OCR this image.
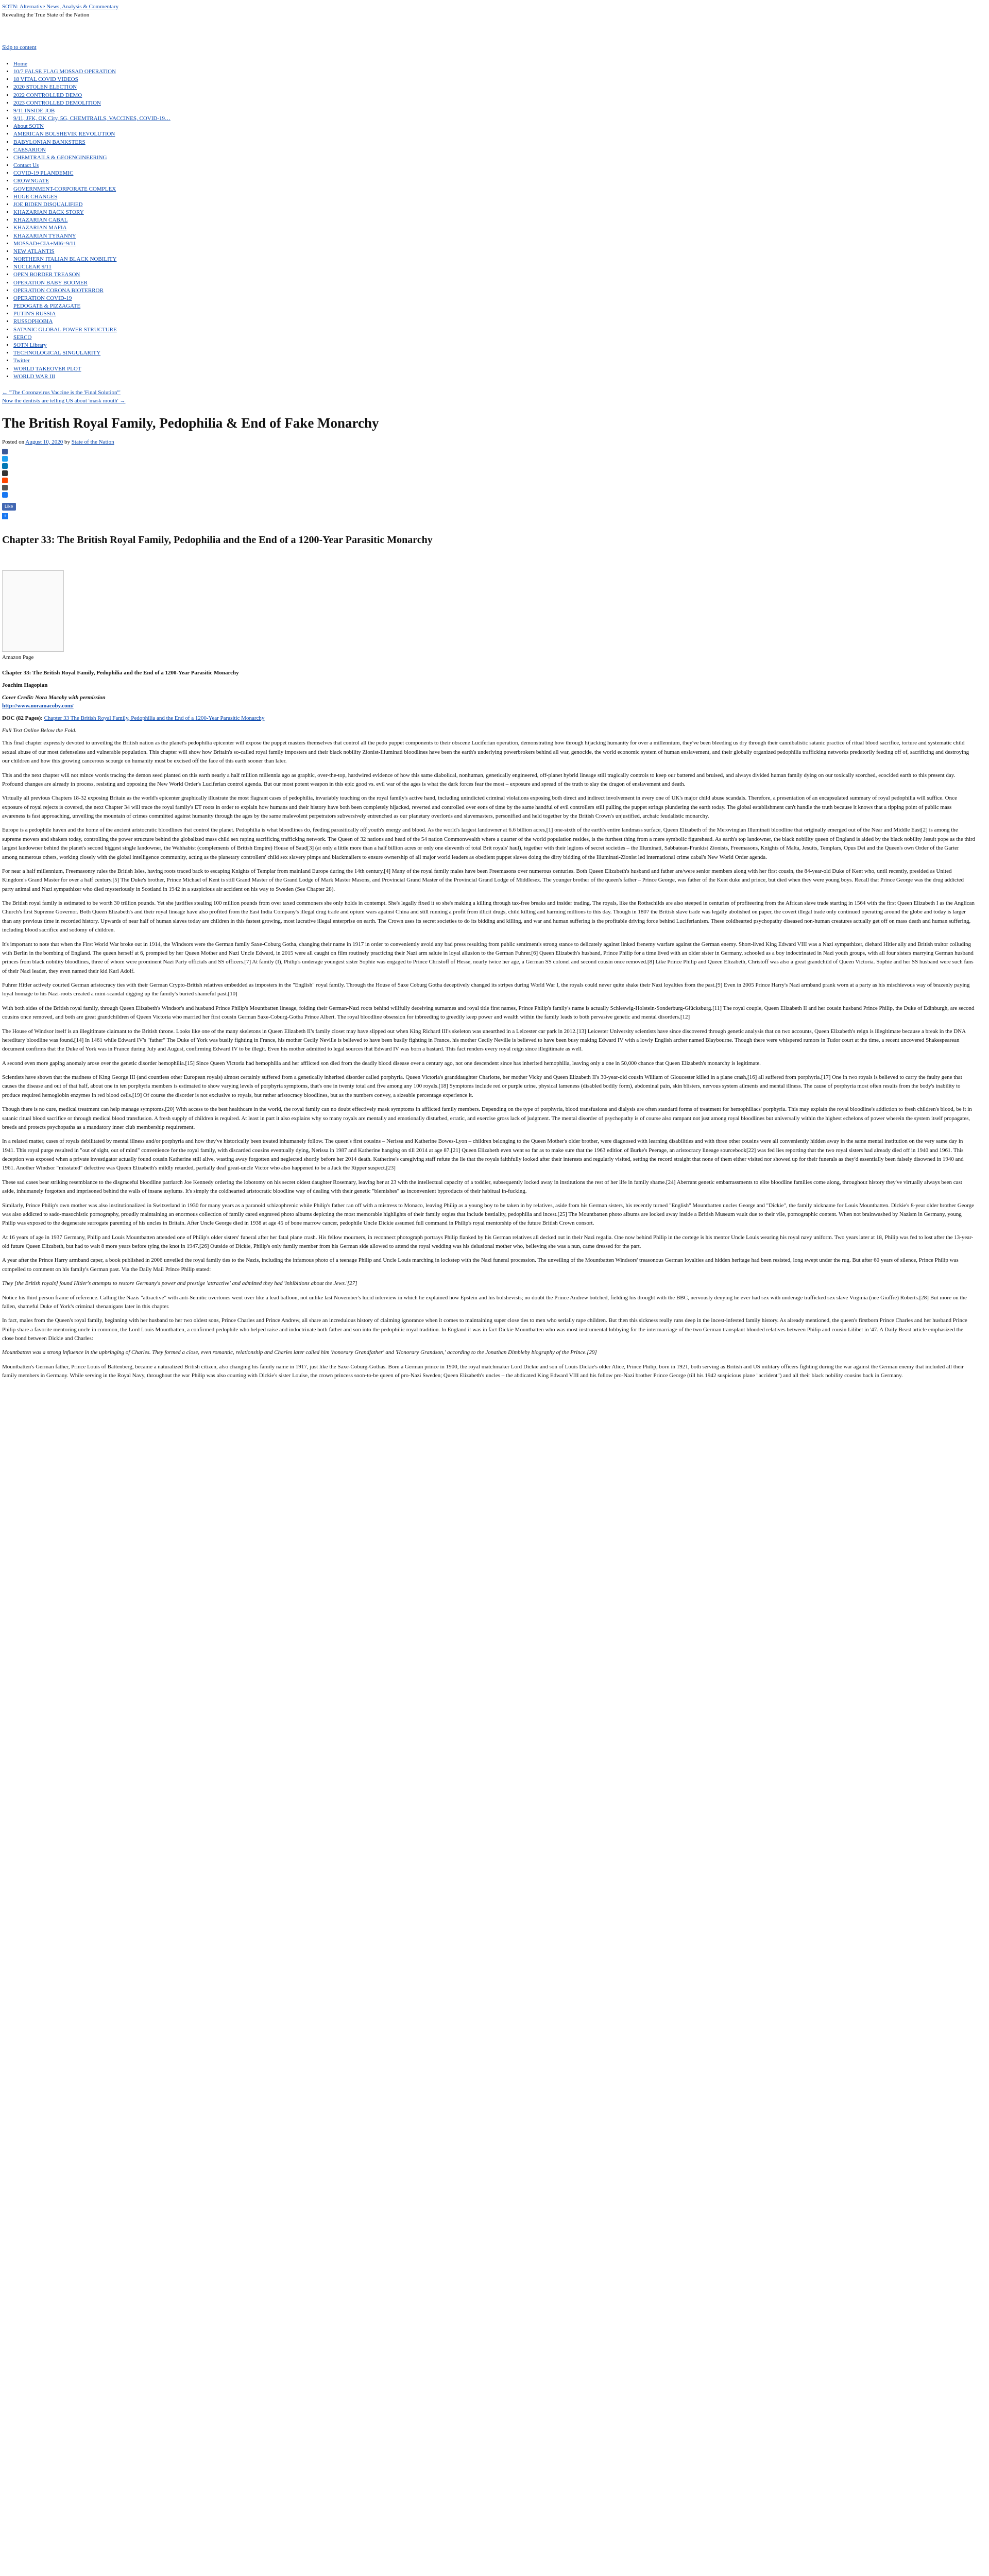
SOTN: Alternative News, Analysis & Commentary
Revealing the True State of the Nation
Skip to content
• Home
• 10/7 FALSE FLAG MOSSAD OPERATION
• 18 VITAL COVID VIDEOS
• 2020 STOLEN ELECTION
• 2022 CONTROLLED DEMO
• 2023 CONTROLLED DEMOLITION
• 9/11 INSIDE JOB
• 9/11, JFK, OK City, 5G, CHEMTRAILS, VACCINES, COVID-19…
• About SOTN
• AMERICAN BOLSHEVIK REVOLUTION
• BABYLONIAN BANKSTERS
• CAESARION
• CHEMTRAILS & GEOENGINEERING
• Contact Us
• COVID-19 PLANDEMIC
• CROWNGATE
• GOVERNMENT-CORPORATE COMPLEX
• HUGE CHANGES
• JOE BIDEN DISQUALIFIED
• KHAZARIAN BACK STORY
• KHAZARIAN CABAL
• KHAZARIAN MAFIA
• KHAZARIAN TYRANNY
• MOSSAD+CIA+MI6=9/11
• NEW ATLANTIS
• NORTHERN ITALIAN BLACK NOBILITY
• NUCLEAR 9/11
• OPEN BORDER TREASON
• OPERATION BABY BOOMER
• OPERATION CORONA BIOTERROR
• OPERATION COVID-19
• PEDOGATE & PIZZAGATE
• PUTIN'S RUSSIA
• RUSSOPHOBIA
• SATANIC GLOBAL POWER STRUCTURE
• SERCO
• SOTN Library
• TECHNOLOGICAL SINGULARITY
• Twitter
• WORLD TAKEOVER PLOT
• WORLD WAR III
← "The Coronavirus Vaccine is the 'Final Solution'"
Now the dentists are telling US about 'mask mouth' →
The British Royal Family, Pedophilia & End of Fake Monarchy
Posted on August 10, 2020 by State of the Nation
Like
+
Chapter 33: The British Royal Family, Pedophilia and the End of a 1200-Year Parasitic Monarchy
Amazon Page
Chapter 33: The British Royal Family, Pedophilia and the End of a 1200-Year Parasitic Monarchy
Joachim Hagopian
Cover Credit: Nora Macoby with permission
http://www.noramacoby.com/
DOC (82 Pages): Chapter 33 The British Royal Family, Pedophilia and the End of a 1200-Year Parasitic Monarchy
Full Text Online Below the Fold.

This final chapter expressly devoted to unveiling the British nation as the planet's pedophilia epicenter will expose the puppet masters themselves that control all the pedo puppet components to their obscene Luciferian operation, demonstrating how through hijacking humanity for over a millennium, they've been bleeding us dry through their cannibalistic satanic practice of ritual blood sacrifice, torture and systematic child sexual abuse of our most defenseless and vulnerable population. This chapter will show how Britain's so-called royal family imposters and their black nobility Zionist-Illuminati bloodlines have been the earth's underlying powerbrokers behind all war, genocide, the world economic system of human enslavement, and their globally organized pedophilia trafficking networks predatorily feeding off of, sacrificing and destroying our children and how this growing cancerous scourge on humanity must be excised off the face of this earth sooner than later.

This and the next chapter will not mince words tracing the demon seed planted on this earth nearly a half million millennia ago as graphic, over-the-top, hardwired evidence of how this same diabolical, nonhuman, genetically engineered, off-planet hybrid lineage still tragically controls to keep our battered and bruised, and always divided human family dying on our toxically scorched, ecocided earth to this present day. Profound changes are already in process, resisting and opposing the New World Order's Luciferian control agenda. But our most potent weapon in this epic good vs. evil war of the ages is what the dark forces fear the most – exposure and spread of the truth to slay the dragon of enslavement and death.

Virtually all previous Chapters 18-32 exposing Britain as the world's epicenter graphically illustrate the most flagrant cases of pedophilia, invariably touching on the royal family's active hand, including unindicted criminal violations exposing both direct and indirect involvement in every one of UK's major child abuse scandals. Therefore, a presentation of an encapsulated summary of royal pedophilia will suffice. Once exposure of royal rejects is covered, the next Chapter 34 will trace the royal family's ET roots in order to explain how humans and their history have both been completely hijacked, reverted and controlled over eons of time by the same handful of evil controllers still pulling the puppet strings plundering the earth today. The global establishment can't handle the truth because it knows that a tipping point of public mass awareness is fast approaching, unveiling the mountain of crimes committed against humanity through the ages by the same malevolent perpetrators subversively entrenched as our planetary overlords and slavemasters, personified and held together by the British Crown's unjustified, archaic feudalistic monarchy.

Europe is a pedophile haven and the home of the ancient aristocratic bloodlines that control the planet. Pedophilia is what bloodlines do, feeding parasitically off youth's energy and blood. As the world's largest landowner at 6.6 billion acres,[1] one-sixth of the earth's entire landmass surface, Queen Elizabeth of the Merovingian Illuminati bloodline that originally emerged out of the Near and Middle East[2] is among the supreme movers and shakers today, controlling the power structure behind the globalized mass child sex raping sacrificing trafficking network. The Queen of 32 nations and head of the 54 nation Commonwealth where a quarter of the world population resides, is the furthest thing from a mere symbolic figurehead. As earth's top landowner, the black nobility queen of England is aided by the black nobility Jesuit pope as the third largest landowner behind the planet's second biggest single landowner, the Wahhabist (complements of British Empire) House of Saud[3] (at only a little more than a half billion acres or only one eleventh of total Brit royals' haul), together with their legions of secret societies – the Illuminati, Sabbatean-Frankist Zionists, Freemasons, Knights of Malta, Jesuits, Templars, Opus Dei and the Queen's own Order of the Garter among numerous others, working closely with the global intelligence community, acting as the planetary controllers' child sex slavery pimps and blackmailers to ensure ownership of all major world leaders as obedient puppet slaves doing the dirty bidding of the Illuminati-Zionist led international crime cabal's New World Order agenda.

For near a half millennium, Freemasonry rules the British Isles, having roots traced back to escaping Knights of Templar from mainland Europe during the 14th century.[4] Many of the royal family males have been Freemasons over numerous centuries. Both Queen Elizabeth's husband and father are/were senior members along with her first cousin, the 84-year-old Duke of Kent who, until recently, presided as United Kingdom's Grand Master for over a half century.[5] The Duke's brother, Prince Michael of Kent is still Grand Master of the Grand Lodge of Mark Master Masons, and Provincial Grand Master of the Provincial Grand Lodge of Middlesex. The younger brother of the queen's father – Prince George, was father of the Kent duke and prince, but died when they were young boys. Recall that Prince George was the drug addicted party animal and Nazi sympathizer who died mysteriously in Scotland in 1942 in a suspicious air accident on his way to Sweden (See Chapter 28).

The British royal family is estimated to be worth 30 trillion pounds. Yet she justifies stealing 100 million pounds from over taxed commoners she only holds in contempt. She's legally fixed it so she's making a killing through tax-free breaks and insider trading. The royals, like the Rothschilds are also steeped in centuries of profiteering from the African slave trade starting in 1564 with the first Queen Elizabeth I as the Anglican Church's first Supreme Governor. Both Queen Elizabeth's and their royal lineage have also profited from the East India Company's illegal drug trade and opium wars against China and still running a profit from illicit drugs, child killing and harming millions to this day. Though in 1807 the British slave trade was legally abolished on paper, the covert illegal trade only continued operating around the globe and today is larger than any previous time in recorded history. Upwards of near half of human slaves today are children in this fastest growing, most lucrative illegal enterprise on earth. The Crown uses its secret societies to do its bidding and killing, and war and human suffering is the profitable driving force behind Luciferianism. These coldhearted psychopathy diseased non-human creatures actually get off on mass death and human suffering, including blood sacrifice and sodomy of children.

It's important to note that when the First World War broke out in 1914, the Windsors were the German family Saxe-Coburg Gotha, changing their name in 1917 in order to conveniently avoid any bad press resulting from public sentiment's strong stance to delicately against linked frenemy warfare against the German enemy. Short-lived King Edward VIII was a Nazi sympathizer, diehard Hitler ally and British traitor colluding with Berlin in the bombing of England. The queen herself at 6, prompted by her Queen Mother and Nazi Uncle Edward, in 2015 were all caught on film routinely practicing their Nazi arm salute in loyal allusion to the German Fuhrer.[6] Queen Elizabeth's husband, Prince Philip for a time lived with an older sister in Germany, schooled as a boy indoctrinated in Nazi youth groups, with all four sisters marrying German husband princes from black nobility bloodlines, three of whom were prominent Nazi Party officials and SS officers.[7] At family (I), Philip's underage youngest sister Sophie was engaged to Prince Christoff of Hesse, nearly twice her age, a German SS colonel and second cousin once removed.[8] Like Prince Philip and Queen Elizabeth, Christoff was also a great grandchild of Queen Victoria. Sophie and her SS husband were such fans of their Nazi leader, they even named their kid Karl Adolf.

Fuhrer Hitler actively courted German aristocracy ties with their German Crypto-British relatives embedded as imposters in the "English" royal family. Through the House of Saxe Coburg Gotha deceptively changed its stripes during World War I, the royals could never quite shake their Nazi loyalties from the past.[9] Even in 2005 Prince Harry's Nazi armband prank worn at a party as his mischievous way of brazenly paying loyal homage to his Nazi-roots created a mini-scandal digging up the family's buried shameful past.[10]

With both sides of the British royal family, through Queen Elizabeth's Windsor's and husband Prince Philip's Mountbatten lineage, folding their German-Nazi roots behind willfully deceiving surnames and royal title first names, Prince Philip's family's name is actually Schleswig-Holstein-Sonderburg-Glücksburg.[11] The royal couple, Queen Elizabeth II and her cousin husband Prince Philip, the Duke of Edinburgh, are second cousins once removed, and both are great grandchildren of Queen Victoria who married her first cousin German Saxe-Coburg-Gotha Prince Albert. The royal bloodline obsession for inbreeding to greedily keep power and wealth within the family leads to both pervasive genetic and mental disorders.[12]

The House of Windsor itself is an illegitimate claimant to the British throne. Looks like one of the many skeletons in Queen Elizabeth II's family closet may have slipped out when King Richard III's skeleton was unearthed in a Leicester car park in 2012.[13] Leicester University scientists have since discovered through genetic analysis that on two accounts, Queen Elizabeth's reign is illegitimate because a break in the DNA hereditary bloodline was found.[14] In 1461 while Edward IV's "father" The Duke of York was busily fighting in France, his mother Cecily Neville is believed to have been busily fighting in France, his mother Cecily Neville is believed to have been busy making Edward IV with a lowly English archer named Blaybourne. Though there were whispered rumors in Tudor court at the time, a recent uncovered Shakespearean document confirms that the Duke of York was in France during July and August, confirming Edward IV to be illegit. Even his mother admitted to legal sources that Edward IV was born a bastard. This fact renders every royal reign since illegitimate as well.

A second even more gaping anomaly arose over the genetic disorder hemophilia.[15] Since Queen Victoria had hemophilia and her afflicted son died from the deadly blood disease over a century ago, not one descendent since has inherited hemophilia, leaving only a one in 50,000 chance that Queen Elizabeth's monarchy is legitimate.

Scientists have shown that the madness of King George III (and countless other European royals) almost certainly suffered from a genetically inherited disorder called porphyria. Queen Victoria's granddaughter Charlotte, her mother Vicky and Queen Elizabeth II's 30-year-old cousin William of Gloucester killed in a plane crash,[16] all suffered from porphyria.[17] One in two royals is believed to carry the faulty gene that causes the disease and out of that half, about one in ten porphyria members is estimated to show varying levels of porphyria symptoms, that's one in twenty total and five among any 100 royals.[18] Symptoms include red or purple urine, physical lameness (disabled bodily form), abdominal pain, skin blisters, nervous system ailments and mental illness. The cause of porphyria most often results from the body's inability to produce required hemoglobin enzymes in red blood cells.[19] Of course the disorder is not exclusive to royals, but rather aristocracy bloodlines, but as the numbers convey, a sizeable percentage experience it.

Though there is no cure, medical treatment can help manage symptoms.[20] With access to the best healthcare in the world, the royal family can no doubt effectively mask symptoms in afflicted family members. Depending on the type of porphyria, blood transfusions and dialysis are often standard forms of treatment for hemophiliacs' porphyria. This may explain the royal bloodline's addiction to fresh children's blood, be it in satanic ritual blood sacrifice or through medical blood transfusion. A fresh supply of children is required. At least in part it also explains why so many royals are mentally and emotionally disturbed, erratic, and exercise gross lack of judgment. The mental disorder of psychopathy is of course also rampant not just among royal bloodlines but universally within the highest echelons of power wherein the system itself propagates, breeds and protects psychopaths as a mandatory inner club membership requirement.

In a related matter, cases of royals debilitated by mental illness and/or porphyria and how they've historically been treated inhumanely follow. The queen's first cousins – Nerissa and Katherine Bowes-Lyon – children belonging to the Queen Mother's older brother, were diagnosed with learning disabilities and with three other cousins were all conveniently hidden away in the same mental institution on the very same day in 1941. This royal purge resulted in "out of sight, out of mind" convenience for the royal family, with discarded cousins eventually dying, Nerissa in 1987 and Katherine hanging on till 2014 at age 87.[21] Queen Elizabeth even went so far as to make sure that the 1963 edition of Burke's Peerage, an aristocracy lineage sourcebook[22] was fed lies reporting that the two royal sisters had already died off in 1940 and 1961. This deception was exposed when a private investigator actually found cousin Katherine still alive, wasting away forgotten and neglected shortly before her 2014 death. Katherine's caregiving staff refute the lie that the royals faithfully looked after their interests and regularly visited, setting the record straight that none of them either visited nor showed up for their funerals as they'd essentially been falsely disowned in 1940 and 1961. Another Windsor "misstated" defective was Queen Elizabeth's mildly retarded, partially deaf great-uncle Victor who also happened to be a Jack the Ripper suspect.[23]

These sad cases bear striking resemblance to the disgraceful bloodline patriarch Joe Kennedy ordering the lobotomy on his secret oldest daughter Rosemary, leaving her at 23 with the intellectual capacity of a toddler, subsequently locked away in institutions the rest of her life in family shame.[24] Aberrant genetic embarrassments to elite bloodline families come along, throughout history they've virtually always been cast aside, inhumanely forgotten and imprisoned behind the walls of insane asylums. It's simply the coldhearted aristocratic bloodline way of dealing with their genetic "blemishes" as inconvenient byproducts of their habitual in-fucking.

Similarly, Prince Philip's own mother was also institutionalized in Switzerland in 1930 for many years as a paranoid schizophrenic while Philip's father ran off with a mistress to Monaco, leaving Philip as a young boy to be taken in by relatives, aside from his German sisters, his recently turned "English" Mountbatten uncles George and "Dickie", the family nickname for Louis Mountbatten. Dickie's 8-year older brother George was also addicted to sado-masochistic pornography, proudly maintaining an enormous collection of family cared engraved photo albums depicting the most memorable highlights of their family orgies that include bestiality, pedophilia and incest.[25] The Mountbatten photo albums are locked away inside a British Museum vault due to their vile, pornographic content. When not brainwashed by Nazism in Germany, young Philip was exposed to the degenerate surrogate parenting of his uncles in Britain. After Uncle George died in 1938 at age 45 of bone marrow cancer, pedophile Uncle Dickie assumed full command in Philip's royal mentorship of the future British Crown consort.

At 16 years of age in 1937 Germany, Philip and Louis Mountbatten attended one of Philip's older sisters' funeral after her fatal plane crash. His fellow mourners, in reconnect photograph portrays Philip flanked by his German relatives all decked out in their Nazi regalia. One now behind Philip in the cortege is his mentor Uncle Louis wearing his royal navy uniform. Two years later at 18, Philip was fed to lost after the 13-year-old future Queen Elizabeth, but had to wait 8 more years before tying the knot in 1947.[26] Outside of Dickie, Philip's only family member from his German side allowed to attend the royal wedding was his delusional mother who, believing she was a nun, came dressed for the part.

A year after the Prince Harry armband caper, a book published in 2006 unveiled the royal family ties to the Nazis, including the infamous photo of a teenage Philip and Uncle Louis marching in lockstep with the Nazi funeral procession. The unveiling of the Mountbatten Windsors' treasonous German loyalties and hidden heritage had been resisted, long swept under the rug. But after 60 years of silence, Prince Philip was compelled to comment on his family's German past. Via the Daily Mail Prince Philip stated:

They [the British royals] found Hitler's attempts to restore Germany's power and prestige 'attractive' and admitted they had 'inhibitions about the Jews.'[27]

Notice his third person frame of reference. Calling the Nazis "attractive" with anti-Semitic overtones went over like a lead balloon, not unlike last November's lucid interview in which he explained how Epstein and his bolshevists; no doubt the Prince Andrew botched, fielding his drought with the BBC, nervously denying he ever had sex with underage trafficked sex slave Virginia (nee Giuffre) Roberts.[28] But more on the fallen, shameful Duke of York's criminal shenanigans later in this chapter.

In fact, males from the Queen's royal family, beginning with her husband to her two oldest sons, Prince Charles and Prince Andrew, all share an incredulous history of claiming ignorance when it comes to maintaining super close ties to men who serially rape children. But then this sickness really runs deep in the incest-infested family history. As already mentioned, the queen's firstborn Prince Charles and her husband Prince Philip share a favorite mentoring uncle in common, the Lord Louis Mountbatten, a confirmed pedophile who helped raise and indoctrinate both father and son into the pedophilic royal tradition. In England it was in fact Dickie Mountbatten who was most instrumental lobbying for the intermarriage of the two German transplant blooded relatives between Philip and cousin Lilibet in '47. A Daily Beast article emphasized the close bond between Dickie and Charles:

Mountbatten was a strong influence in the upbringing of Charles. They formed a close, even romantic, relationship and Charles later called him 'honorary Grandfather' and 'Honorary Grandson,' according to the Jonathan Dimbleby biography of the Prince.[29]

Mountbatten's German father, Prince Louis of Battenberg, became a naturalized British citizen, also changing his family name in 1917, just like the Saxe-Coburg-Gothas. Born a German prince in 1900, the royal matchmaker Lord Dickie and son of Louis Dickie's older Alice, Prince Philip, born in 1921, both serving as British and US military officers fighting during the war against the German enemy that included all their family members in Germany. While serving in the Royal Navy, throughout the war Philip was also courting with Dickie's sister Louise, the crown princess soon-to-be queen of pro-Nazi Sweden; Queen Elizabeth's uncles – the abdicated King Edward VIII and his follow pro-Nazi brother Prince George (till his 1942 suspicious plane "accident") and all their black nobility cousins back in Germany.
